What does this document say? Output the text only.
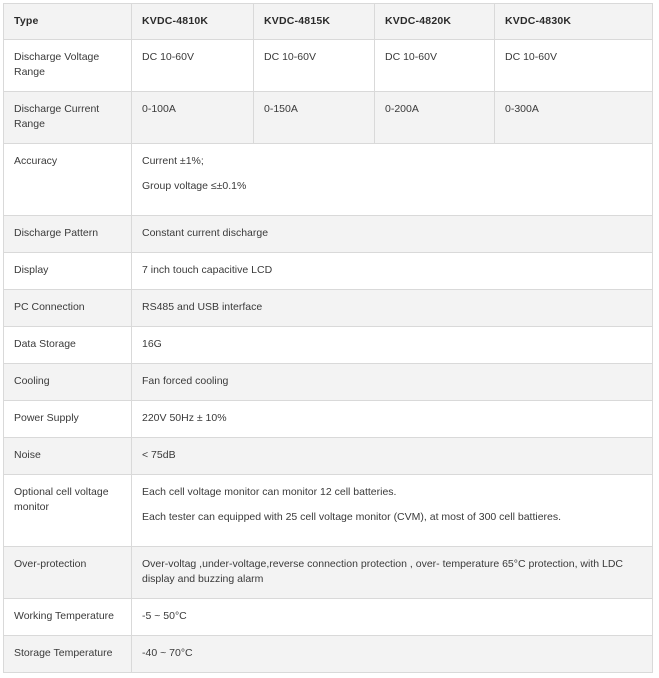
Type	KVDC-4810K	KVDC-4815K	KVDC-4820K	KVDC-4830K
Discharge Voltage Range	DC 10-60V	DC 10-60V	DC 10-60V	DC 10-60V
Discharge Current Range	0-100A	0-150A	0-200A	0-300A
Accuracy	Current ±1%;
Group voltage ≤±0.1%			

Discharge Pattern	Constant current discharge			
Display	7 inch touch capacitive LCD			
PC Connection	RS485 and USB interface			
Data Storage	16G			
Cooling	Fan forced cooling			
Power Supply	220V 50Hz ± 10%			
Noise	< 75dB			
Optional cell voltage monitor	Each cell voltage monitor can monitor 12 cell batteries.
Each tester can equipped with 25 cell voltage monitor (CVM), at most of 300 cell battieres.			

Over-protection	Over-voltag ,under-voltage,reverse connection protection , over- temperature 65°C protection, with LDC display and buzzing alarm			
Working Temperature	-5 ~ 50°C			
Storage Temperature	-40 ~ 70°C			
